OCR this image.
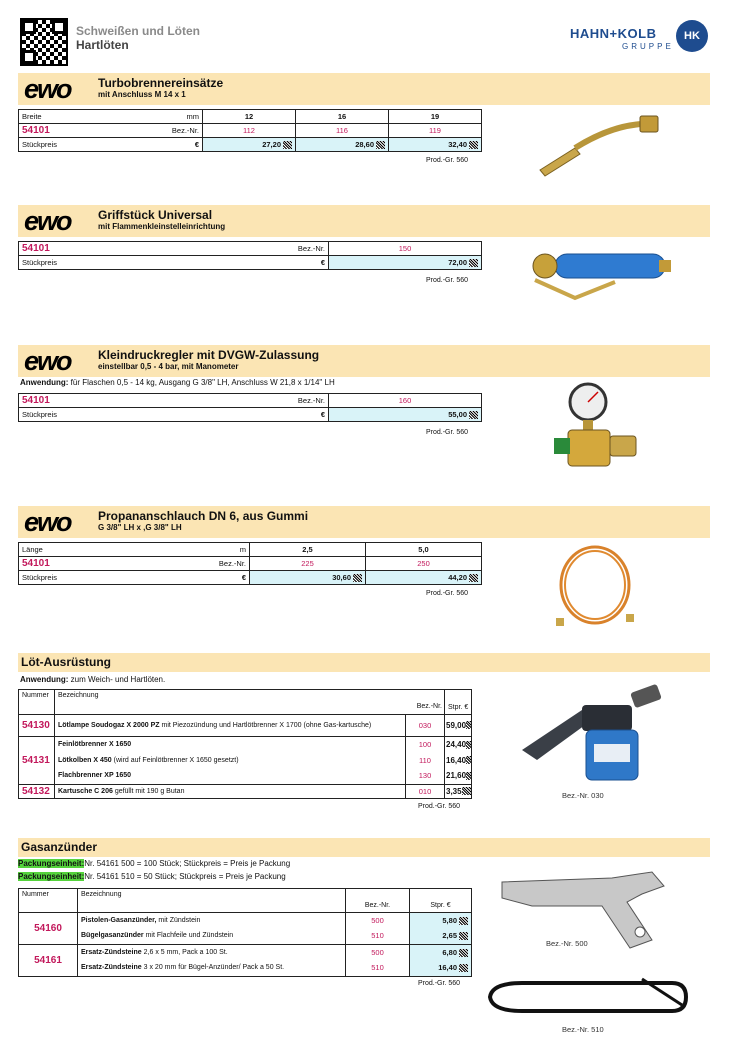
Schweißen und Löten
Hartlöten
HAHN+KOLB
GRUPPE
HK
ewo Turbobrennereinsätze
mit Anschluss M 14 x 1
Breite mm	12	16	19
54101 Bez.-Nr.	112	116	119
Stückpreis €	27,20	28,60	32,40
Prod.-Gr. 560
ewo Griffstück Universal
mit Flammenkleinstelleinrichtung
54101 Bez.-Nr.	150
Stückpreis €	72,00
Prod.-Gr. 560
ewo Kleindruckregler mit DVGW-Zulassung
einstellbar 0,5 - 4 bar, mit Manometer
Anwendung: für Flaschen 0,5 - 14 kg, Ausgang G 3/8" LH, Anschluss W 21,8 x 1/14" LH
54101 Bez.-Nr.	160
Stückpreis €	55,00
Prod.-Gr. 560
ewo Propananschlauch DN 6, aus Gummi
G 3/8" LH x ,G 3/8" LH
Länge m	2,5	5,0
54101 Bez.-Nr.	225	250
Stückpreis €	30,60	44,20
Prod.-Gr. 560
Löt-Ausrüstung
Anwendung: zum Weich- und Hartlöten.
Nummer	Bezeichnung
Bez.-Nr.	Stpr. €
54130	Lötlampe Soudogaz X 2000 PZ mit Piezozündung und Hartlötbrenner X 1700 (ohne Gas-kartusche)	030	59,00
54131	Feinlötbrenner X 1650	100	24,40
	Lötkolben X 450 (wird auf Feinlötbrenner X 1650 gesetzt)	110	16,40
	Flachbrenner XP 1650	130	21,60
54132	Kartusche C 206 gefüllt mit 190 g Butan	010	3,35
Prod.-Gr. 560
Bez.-Nr. 030
Gasanzünder
Packungseinheit:Nr. 54161 500 = 100 Stück; Stückpreis = Preis je Packung
Packungseinheit:Nr. 54161 510 = 50 Stück; Stückpreis = Preis je Packung
Nummer	Bezeichnung	Bez.-Nr.	Stpr. €
54160	Pistolen-Gasanzünder, mit Zündstein	500	5,80
	Bügelgasanzünder mit Flachfeile und Zündstein	510	2,65
54161	Ersatz-Zündsteine 2,6 x 5 mm, Pack a 100 St.	500	6,80
	Ersatz-Zündsteine 3 x 20 mm für Bügel-Anzünder/ Pack a 50 St.	510	16,40
Prod.-Gr. 560
Bez.-Nr. 500
Bez.-Nr. 510
